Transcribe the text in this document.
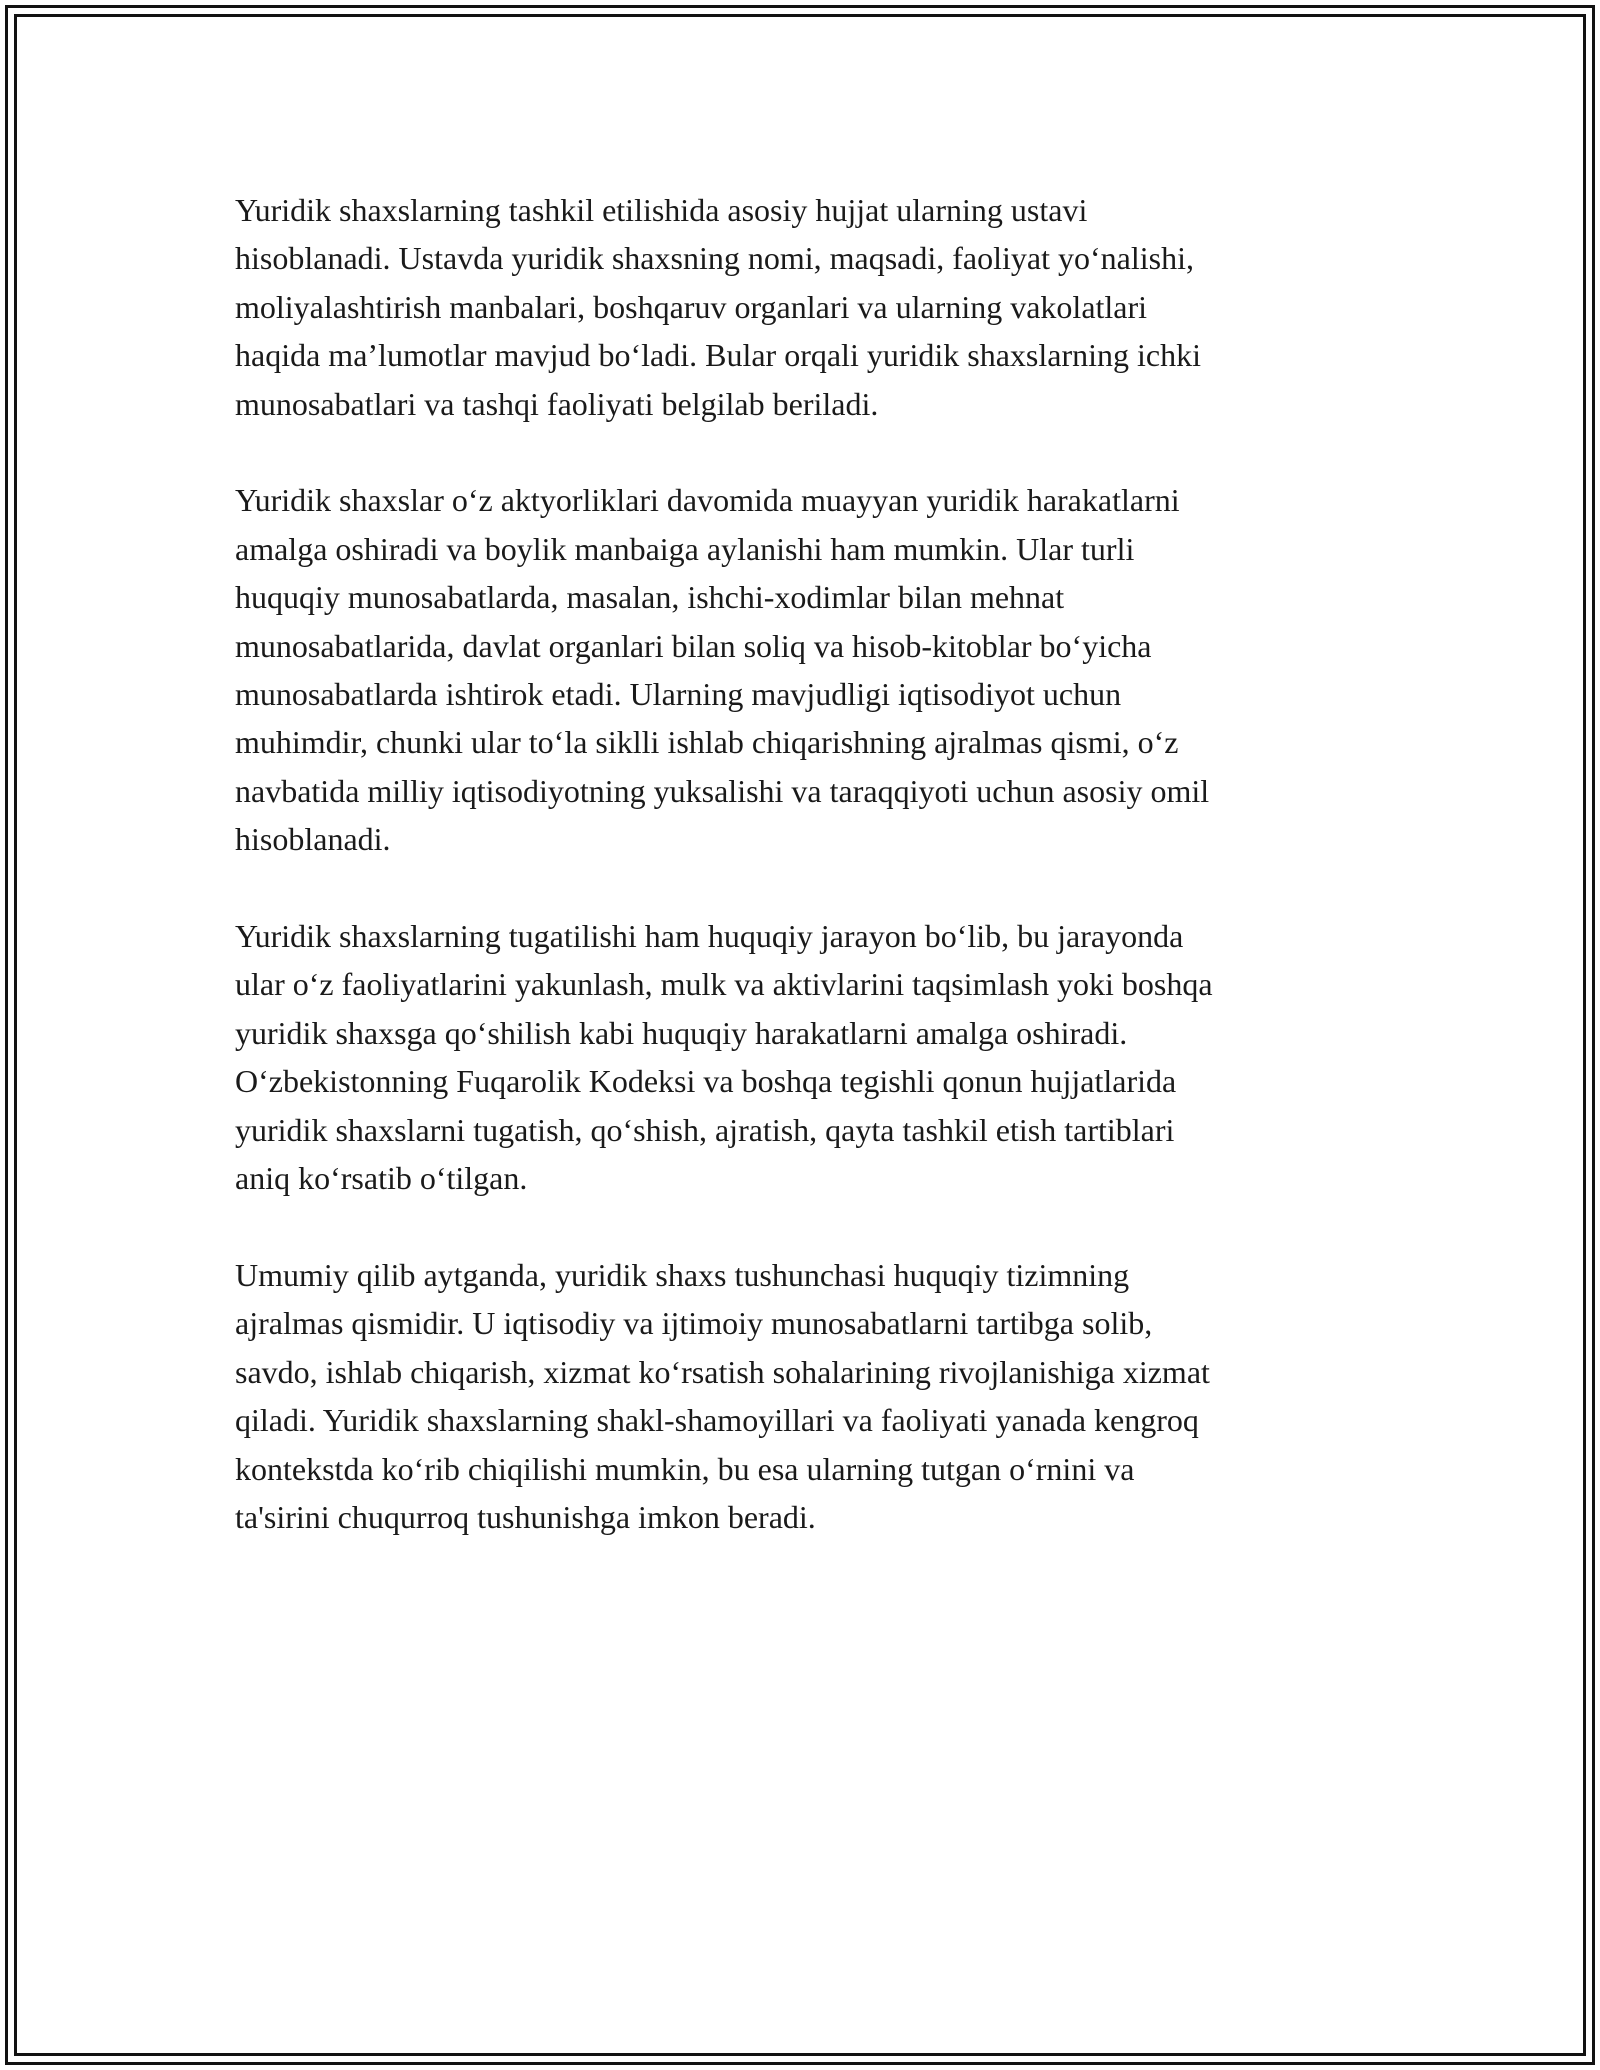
Yuridik shaxslarning tashkil etilishida asosiy hujjat ularning ustavi
hisoblanadi. Ustavda yuridik shaxsning nomi, maqsadi, faoliyat yo‘nalishi,
moliyalashtirish manbalari, boshqaruv organlari va ularning vakolatlari
haqida ma’lumotlar mavjud bo‘ladi. Bular orqali yuridik shaxslarning ichki
munosabatlari va tashqi faoliyati belgilab beriladi.

Yuridik shaxslar o‘z aktyorliklari davomida muayyan yuridik harakatlarni
amalga oshiradi va boylik manbaiga aylanishi ham mumkin. Ular turli
huquqiy munosabatlarda, masalan, ishchi-xodimlar bilan mehnat
munosabatlarida, davlat organlari bilan soliq va hisob-kitoblar bo‘yicha
munosabatlarda ishtirok etadi. Ularning mavjudligi iqtisodiyot uchun
muhimdir, chunki ular to‘la siklli ishlab chiqarishning ajralmas qismi, o‘z
navbatida milliy iqtisodiyotning yuksalishi va taraqqiyoti uchun asosiy omil
hisoblanadi.

Yuridik shaxslarning tugatilishi ham huquqiy jarayon bo‘lib, bu jarayonda
ular o‘z faoliyatlarini yakunlash, mulk va aktivlarini taqsimlash yoki boshqa
yuridik shaxsga qo‘shilish kabi huquqiy harakatlarni amalga oshiradi.
O‘zbekistonning Fuqarolik Kodeksi va boshqa tegishli qonun hujjatlarida
yuridik shaxslarni tugatish, qo‘shish, ajratish, qayta tashkil etish tartiblari
aniq ko‘rsatib o‘tilgan.

Umumiy qilib aytganda, yuridik shaxs tushunchasi huquqiy tizimning
ajralmas qismidir. U iqtisodiy va ijtimoiy munosabatlarni tartibga solib,
savdo, ishlab chiqarish, xizmat ko‘rsatish sohalarining rivojlanishiga xizmat
qiladi. Yuridik shaxslarning shakl-shamoyillari va faoliyati yanada kengroq
kontekstda ko‘rib chiqilishi mumkin, bu esa ularning tutgan o‘rnini va
ta'sirini chuqurroq tushunishga imkon beradi.
